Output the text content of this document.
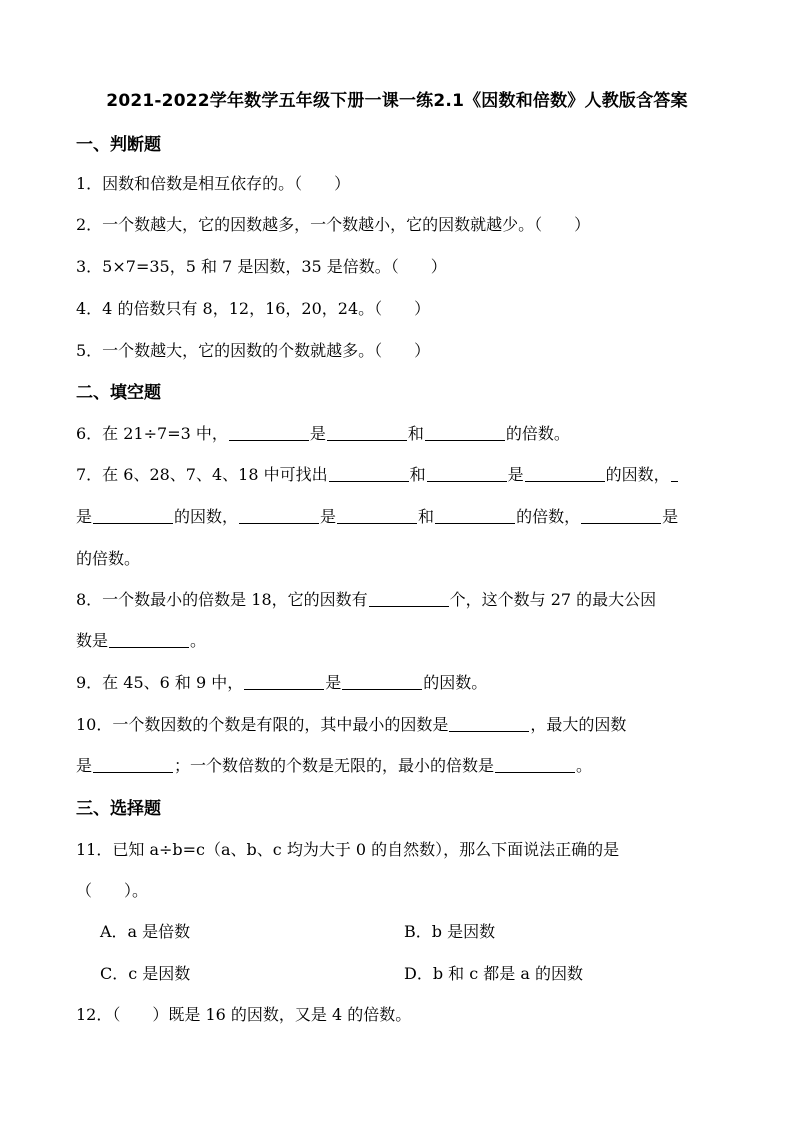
2021-2022学年数学五年级下册一课一练2.1《因数和倍数》人教版含答案
一、判断题
1．因数和倍数是相互依存的。（　　）
2．一个数越大，它的因数越多，一个数越小，它的因数就越少。（　　）
3．5×7=35，5 和 7 是因数，35 是倍数。（　　）
4．4 的倍数只有 8，12，16，20，24。（　　）
5．一个数越大，它的因数的个数就越多。（　　）
二、填空题
6．在 21÷7=3 中，	是	和	的倍数。
7．在 6、28、7、4、18 中可找出	和	是	的因数，
是	的因数，	是	和	的倍数，	是
的倍数。
8．一个数最小的倍数是 18，它的因数有	个，这个数与 27 的最大公因
数是	。
9．在 45、6 和 9 中，	是	的因数。
10．一个数因数的个数是有限的，其中最小的因数是	，最大的因数
是	；一个数倍数的个数是无限的，最小的倍数是	。
三、选择题
11．已知 a÷b=c（a、b、c 均为大于 0 的自然数），那么下面说法正确的是
（　　）。
A．a 是倍数	B．b 是因数
C．c 是因数	D．b 和 c 都是 a 的因数
12．（　　）既是 16 的因数，又是 4 的倍数。
